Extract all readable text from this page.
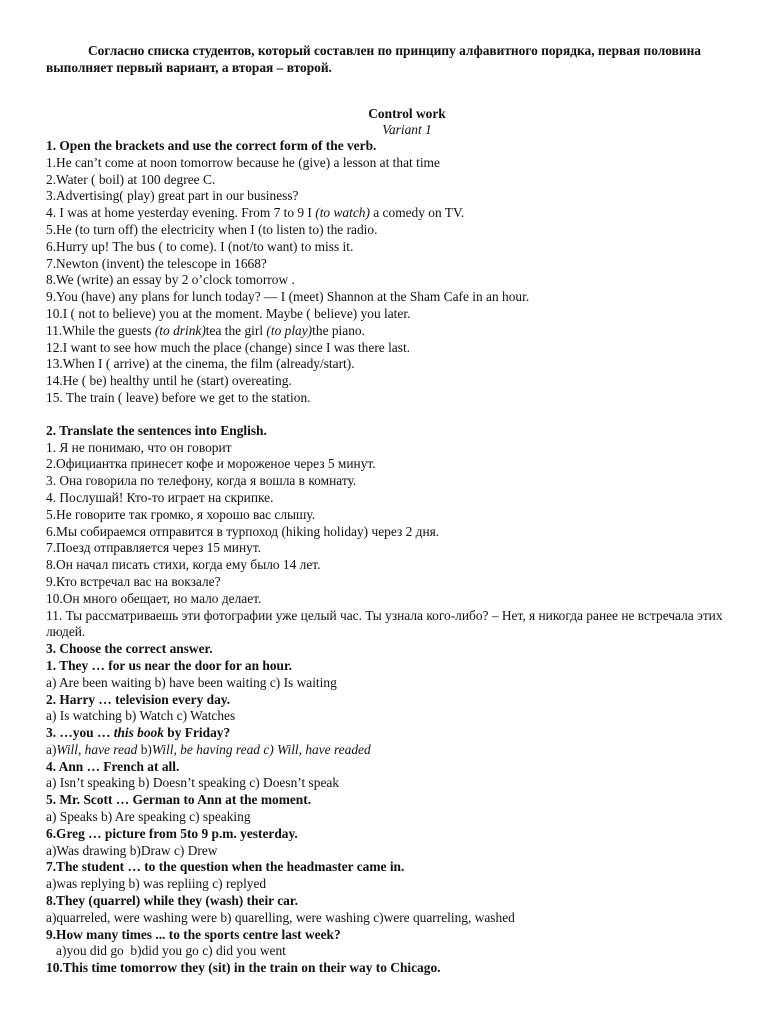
Согласно списка студентов, который составлен по принципу алфавитного порядка, первая половина выполняет первый вариант, а вторая – второй.

Control work

Variant 1

1. Open the brackets and use the correct form of the verb.

1.He can’t come at noon tomorrow because he (give) a lesson at that time

2.Water ( boil) at 100 degree C.

3.Advertising( play) great part in our business?

4. I was at home yesterday evening. From 7 to 9 I (to watch) a comedy on TV.

5.He (to turn off) the electricity when I (to listen to) the radio.

6.Hurry up! The bus ( to come). I (not/to want) to miss it.

7.Newton (invent) the telescope in 1668?

8.We (write) an essay by 2 o’clock tomorrow .

9.You (have) any plans for lunch today? — I (meet) Shannon at the Sham Cafe in an hour.

10.I ( not to believe) you at the moment. Maybe ( believe) you later.

11.While the guests (to drink)tea the girl (to play)the piano.

12.I want to see how much the place (change) since I was there last.

13.When I ( arrive) at the cinema, the film (already/start).

14.He ( be) healthy until he (start) overeating.

15. The train ( leave) before we get to the station.

2. Translate the sentences into English.

1. Я не понимаю, что он говорит

2.Официантка принесет кофе и мороженое через 5 минут.

3. Она говорила по телефону, когда я вошла в комнату.

4. Послушай! Кто-то играет на скрипке.

5.Не говорите так громко, я хорошо вас слышу.

6.Мы собираемся отправится в турпоход (hiking holiday) через 2 дня.

7.Поезд отправляется через 15 минут.

8.Он начал писать стихи, когда ему было 14 лет.

9.Кто встречал вас на вокзале?

10.Он много обещает, но мало делает.

11. Ты рассматриваешь эти фотографии уже целый час. Ты узнала кого-либо? – Нет, я никогда ранее не встречала этих людей.

3. Choose the correct answer.

1. They … for us near the door for an hour.

a) Are been waiting b) have been waiting c) Is waiting

2. Harry … television every day.

a) Is watching b) Watch c) Watches

3. …you … this book by Friday?

a)Will, have read b)Will, be having read c) Will, have readed

4. Ann … French at all.

a) Isn’t speaking b) Doesn’t speaking c) Doesn’t speak

5. Mr. Scott … German to Ann at the moment.

a) Speaks b) Are speaking c) speaking

6.Greg … picture from 5to 9 p.m. yesterday.

a)Was drawing b)Draw c) Drew

7.The student … to the question when the headmaster came in.

a)was replying b) was repliing c) replyed

8.They (quarrel) while they (wash) their car.

a)quarreled, were washing were b) quarelling, were washing c)were quarreling, washed

9.How many times ... to the sports centre last week?

a)you did go  b)did you go c) did you went

10.This time tomorrow they (sit) in the train on their way to Chicago.
